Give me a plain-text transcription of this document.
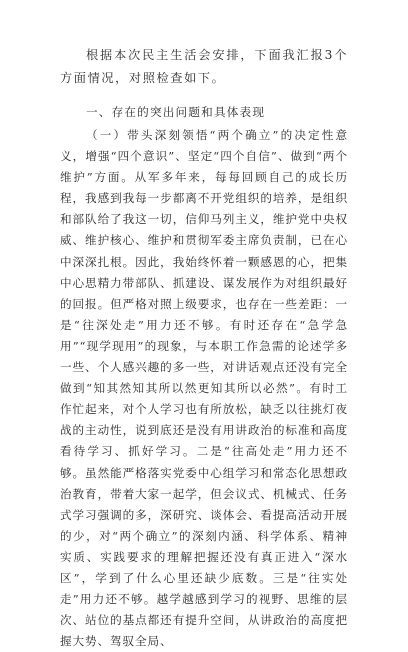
根据本次民主生活会安排，下面我汇报3个方面情况，对照检查如下。

一、存在的突出问题和具体表现

（一）带头深刻领悟“两个确立”的决定性意义，增强“四个意识”、坚定“四个自信”、做到“两个维护”方面。从军多年来，每每回顾自己的成长历程，我感到我每一步都离不开党组织的培养，是组织和部队给了我这一切，信仰马列主义，维护党中央权威、维护核心、维护和贯彻军委主席负责制，已在心中深深扎根。因此，我始终怀着一颗感恩的心，把集中心思精力带部队、抓建设、谋发展作为对组织最好的回报。但严格对照上级要求，也存在一些差距：一是“往深处走”用力还不够。有时还存在“急学急用”“现学现用”的现象，与本职工作急需的论述学多一些、个人感兴趣的多一些，对讲话观点还没有完全做到“知其然知其所以然更知其所以必然”。有时工作忙起来，对个人学习也有所放松，缺乏以往挑灯夜战的主动性，说到底还是没有用讲政治的标准和高度看待学习、抓好学习。二是“往高处走”用力还不够。虽然能严格落实党委中心组学习和常态化思想政治教育，带着大家一起学，但会议式、机械式、任务式学习强调的多，深研究、谈体会、看提高活动开展的少，对“两个确立”的深刻内涵、科学体系、精神实质、实践要求的理解把握还没有真正进入“深水区”，学到了什么心里还缺少底数。三是“往实处走”用力还不够。越学越感到学习的视野、思维的层次、站位的基点都还有提升空间，从讲政治的高度把握大势、驾驭全局、
